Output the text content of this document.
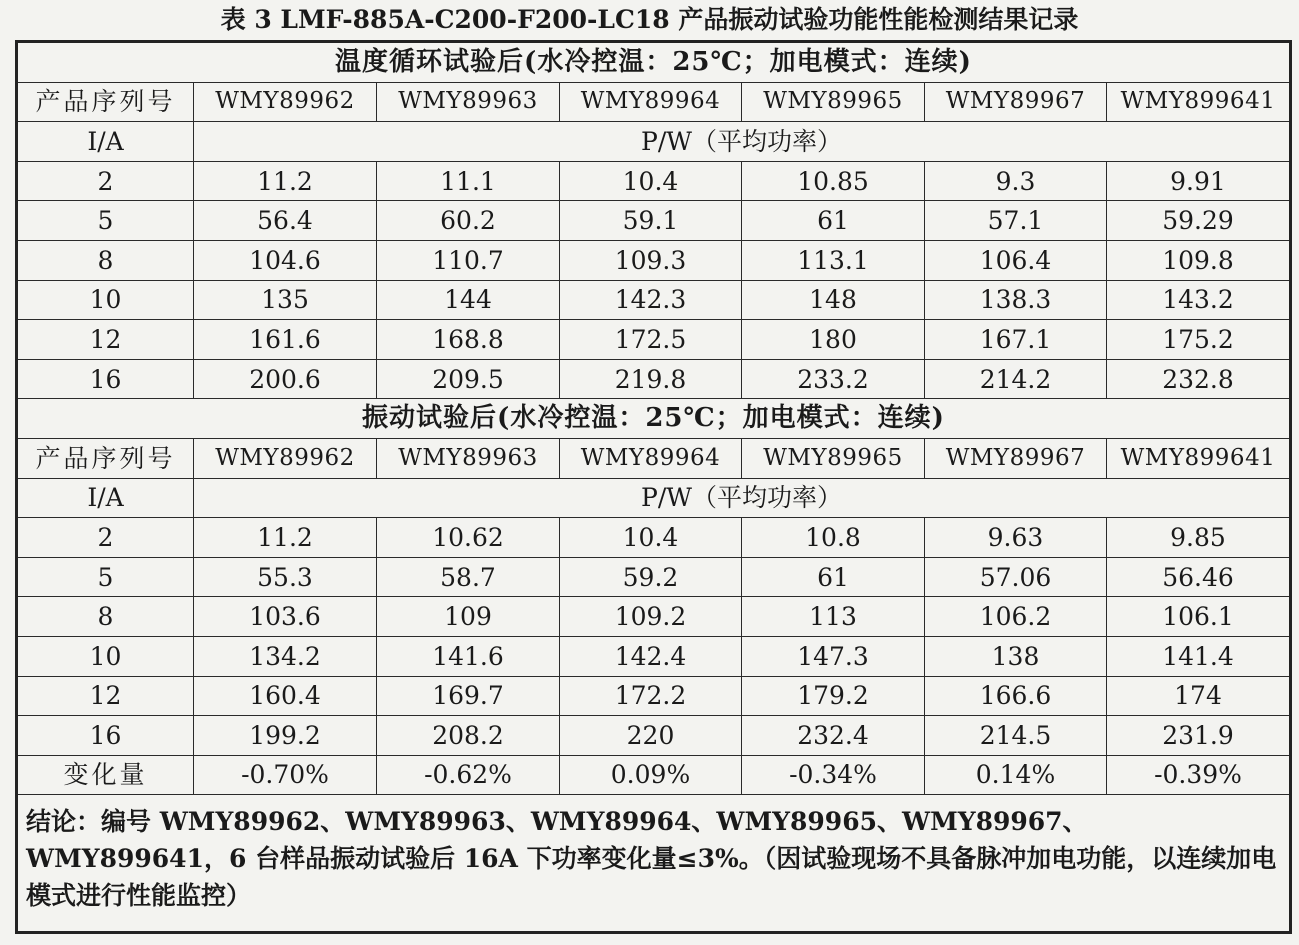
表 3 LMF-885A-C200-F200-LC18 产品振动试验功能性能检测结果记录
温度循环试验后(水冷控温：25℃；加电模式：连续)						
产品序列号	WMY89962	WMY89963	WMY89964	WMY89965	WMY89967	WMY899641
I/A	P/W（平均功率）					
2	11.2	11.1	10.4	10.85	9.3	9.91
5	56.4	60.2	59.1	61	57.1	59.29
8	104.6	110.7	109.3	113.1	106.4	109.8
10	135	144	142.3	148	138.3	143.2
12	161.6	168.8	172.5	180	167.1	175.2
16	200.6	209.5	219.8	233.2	214.2	232.8
振动试验后(水冷控温：25℃；加电模式：连续)						
产品序列号	WMY89962	WMY89963	WMY89964	WMY89965	WMY89967	WMY899641
I/A	P/W（平均功率）					
2	11.2	10.62	10.4	10.8	9.63	9.85
5	55.3	58.7	59.2	61	57.06	56.46
8	103.6	109	109.2	113	106.2	106.1
10	134.2	141.6	142.4	147.3	138	141.4
12	160.4	169.7	172.2	179.2	166.6	174
16	199.2	208.2	220	232.4	214.5	231.9
变化量	-0.70%	-0.62%	0.09%	-0.34%	0.14%	-0.39%
结论：编号 WMY89962、WMY89963、WMY89964、WMY89965、WMY89967、WMY899641，6 台样品振动试验后 16A 下功率变化量≤3%。（因试验现场不具备脉冲加电功能，以连续加电模式进行性能监控）						
